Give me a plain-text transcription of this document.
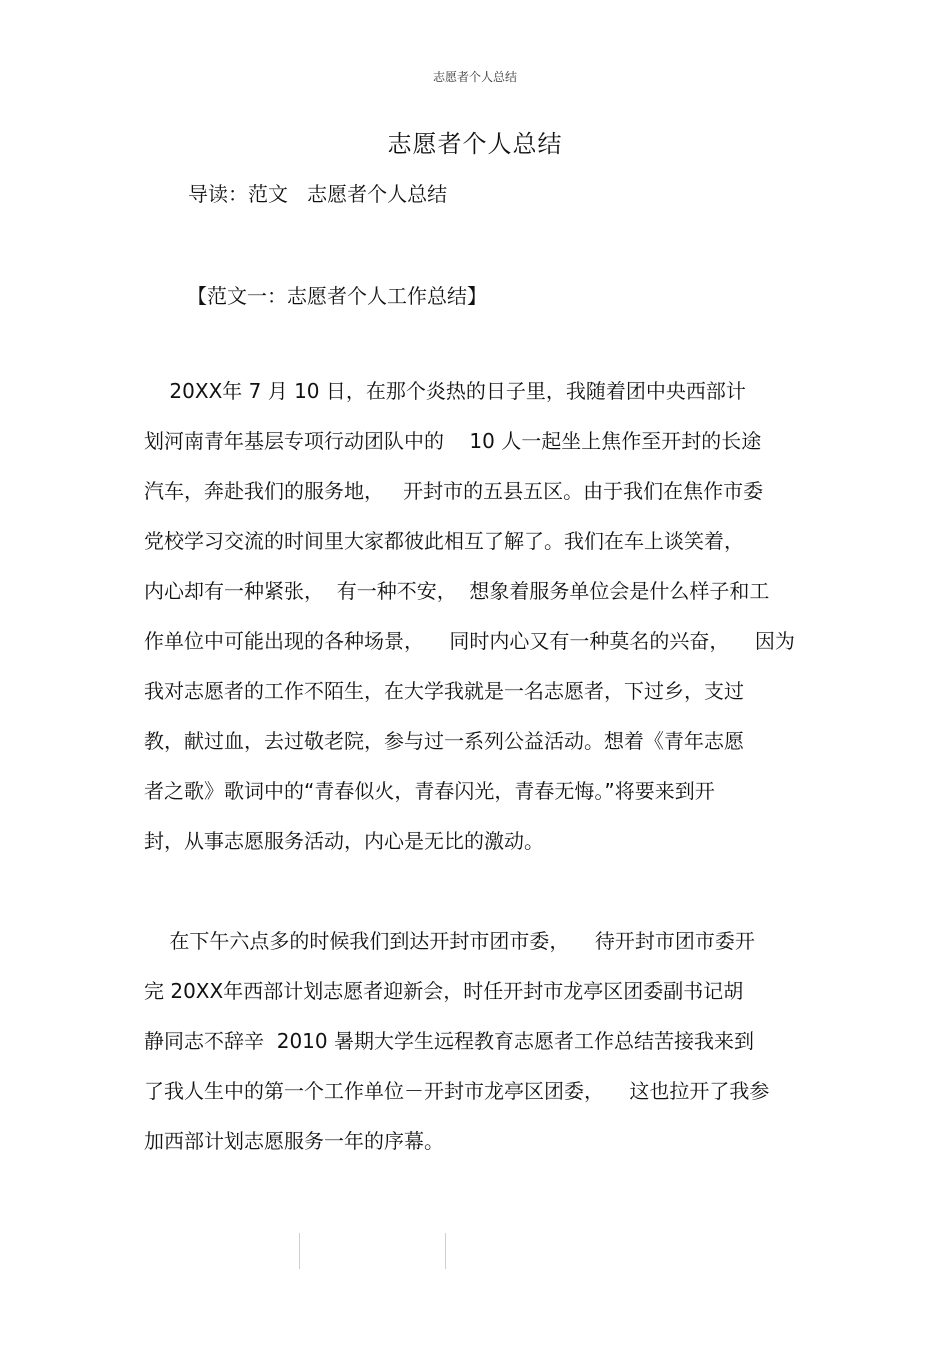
志愿者个人总结
志愿者个人总结
导读：范文   志愿者个人总结
【范文一：志愿者个人工作总结】
20XX年 7 月 10 日，在那个炎热的日子里，我随着团中央西部计
划河南青年基层专项行动团队中的    10 人一起坐上焦作至开封的长途
汽车，奔赴我们的服务地，   开封市的五县五区。由于我们在焦作市委
党校学习交流的时间里大家都彼此相互了解了。我们在车上谈笑着，
内心却有一种紧张，  有一种不安，  想象着服务单位会是什么样子和工
作单位中可能出现的各种场景，    同时内心又有一种莫名的兴奋，    因为
我对志愿者的工作不陌生，在大学我就是一名志愿者，下过乡，支过
教，献过血，去过敬老院，参与过一系列公益活动。想着《青年志愿
者之歌》歌词中的“青春似火，青春闪光，青春无悔。”将要来到开
封，从事志愿服务活动，内心是无比的激动。
在下午六点多的时候我们到达开封市团市委，    待开封市团市委开
完 20XX年西部计划志愿者迎新会，时任开封市龙亭区团委副书记胡
静同志不辞辛  2010 暑期大学生远程教育志愿者工作总结苦接我来到
了我人生中的第一个工作单位－开封市龙亭区团委，    这也拉开了我参
加西部计划志愿服务一年的序幕。
